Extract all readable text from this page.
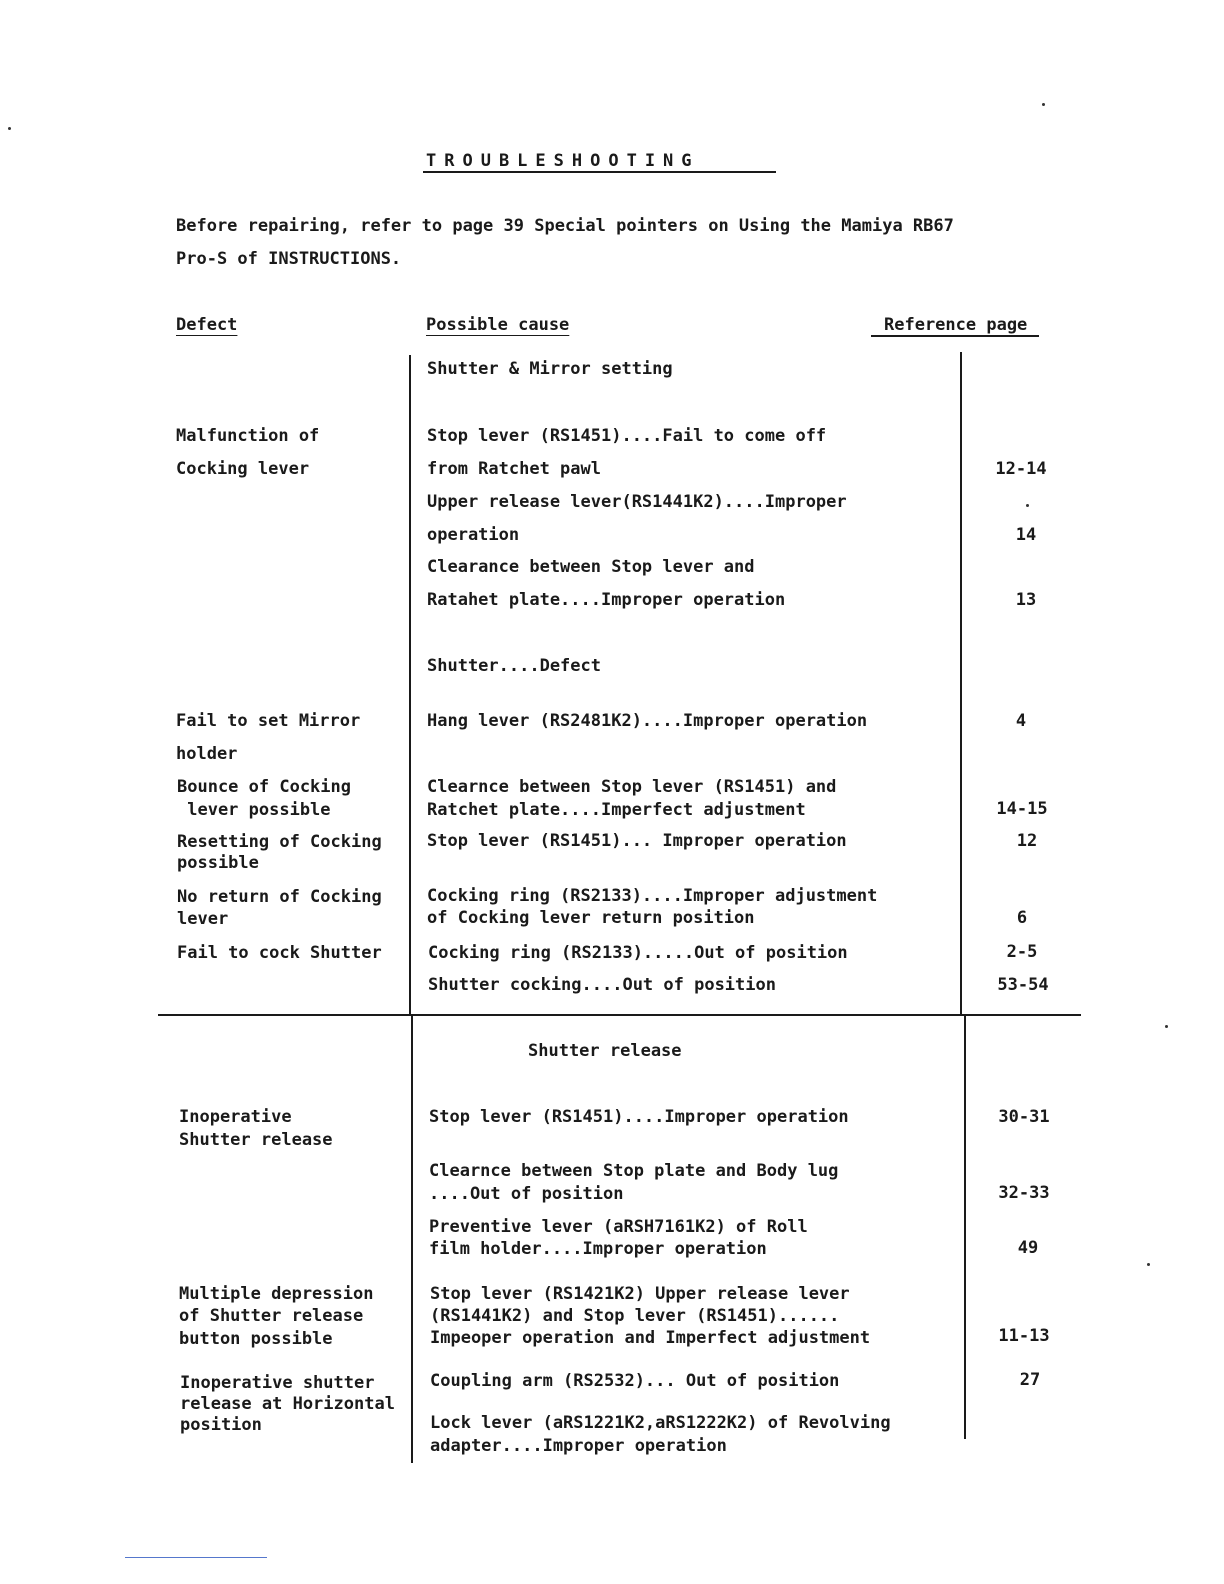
TROUBLESHOOTING
Before repairing, refer to page 39 Special pointers on Using the Mamiya RB67
Pro-S of INSTRUCTIONS.
Defect	Possible cause	Reference page
Shutter & Mirror setting
Malfunction of
Cocking lever
Fail to set Mirror
holder
Bounce of Cocking
lever possible
Resetting of Cocking
possible
No return of Cocking
lever
Fail to cock Shutter
Stop lever (RS1451)....Fail to come off
from Ratchet pawl
Upper release lever(RS1441K2)....Improper
operation
Clearance between Stop lever and
Ratahet plate....Improper operation
Shutter....Defect
Hang lever (RS2481K2)....Improper operation
Clearnce between Stop lever (RS1451) and
Ratchet plate....Imperfect adjustment
Stop lever (RS1451)... Improper operation
Cocking ring (RS2133)....Improper adjustment
of Cocking lever return position
Cocking ring (RS2133).....Out of position
Shutter cocking....Out of position
12-14
14
13
4
14-15
12
6
2-5
53-54
Shutter release
Inoperative
Shutter release
Multiple depression
of Shutter release
button possible
Inoperative shutter
release at Horizontal
position
Stop lever (RS1451)....Improper operation
Clearnce between Stop plate and Body lug
....Out of position
Preventive lever (aRSH7161K2) of Roll
film holder....Improper operation
Stop lever (RS1421K2) Upper release lever
(RS1441K2) and Stop lever (RS1451)......
Impeoper operation and Imperfect adjustment
Coupling arm (RS2532)... Out of position
Lock lever (aRS1221K2,aRS1222K2) of Revolving
adapter....Improper operation
30-31
32-33
49
11-13
27
